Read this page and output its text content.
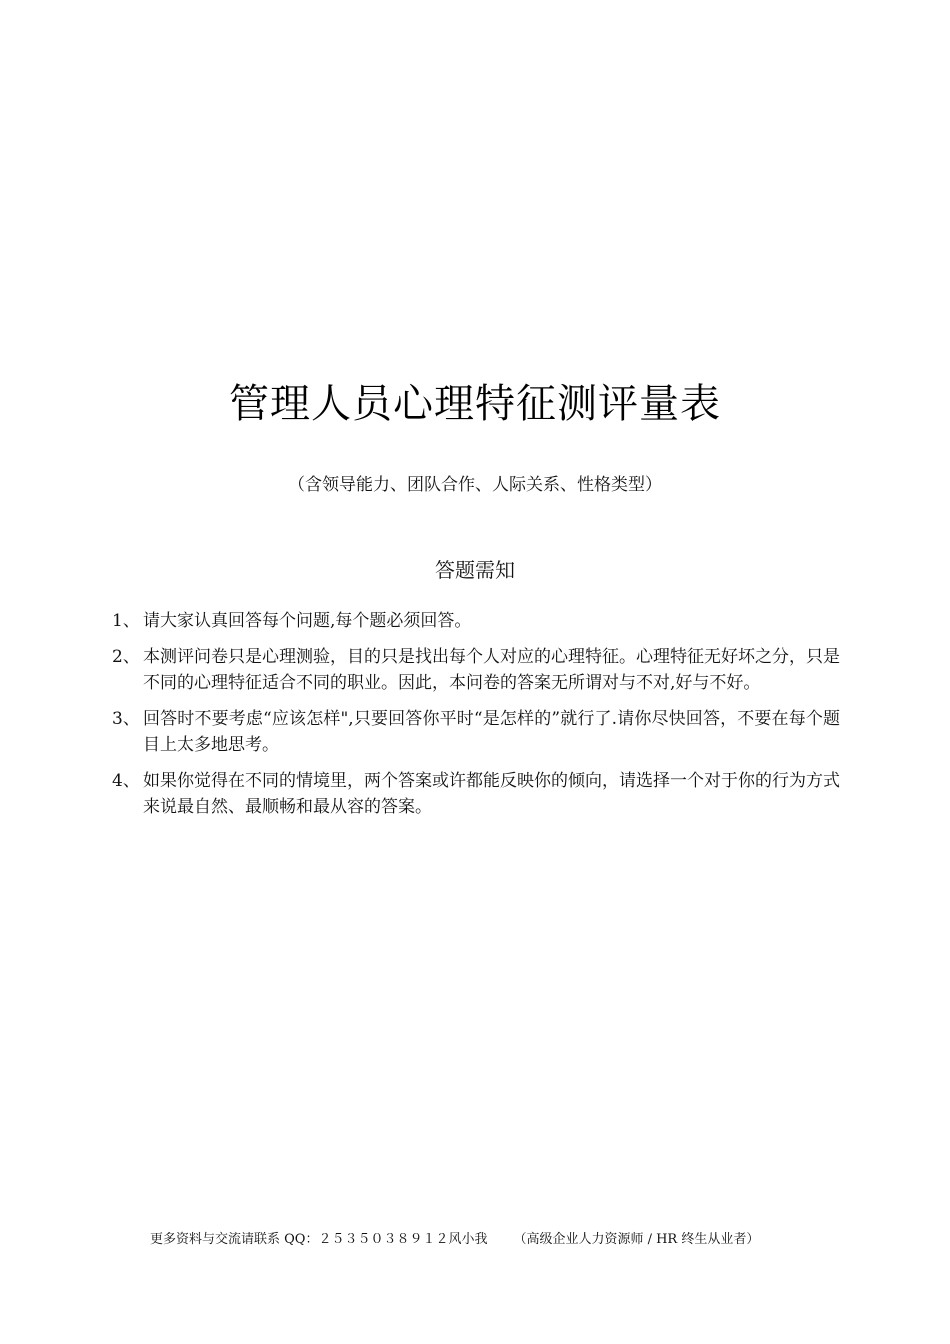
管理人员心理特征测评量表
（含领导能力、团队合作、人际关系、性格类型）
答题需知
1、 请大家认真回答每个问题,每个题必须回答。
2、 本测评问卷只是心理测验，目的只是找出每个人对应的心理特征。心理特征无好坏之分，只是不同的心理特征适合不同的职业。因此，本问卷的答案无所谓对与不对,好与不好。
3、 回答时不要考虑“应该怎样",只要回答你平时“是怎样的”就行了.请你尽快回答，不要在每个题目上太多地思考。
4、 如果你觉得在不同的情境里，两个答案或许都能反映你的倾向，请选择一个对于你的行为方式来说最自然、最顺畅和最从容的答案。
更多资料与交流请联系 QQ：２５３５０３８９１２风小我 （高级企业人力资源师 / HR 终生从业者）
